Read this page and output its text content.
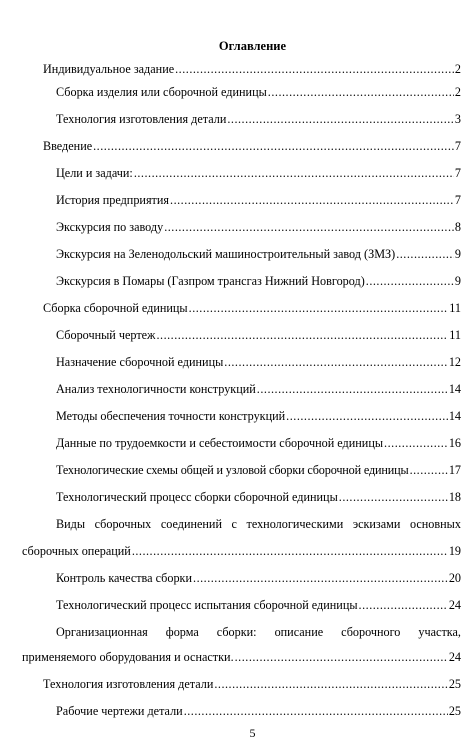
Оглавление
Индивидуальное задание .....	2
Сборка изделия или сборочной единицы .....	2
Технология изготовления детали .....	3
Введение .....	7
Цели и задачи: .....	7
История предприятия .....	7
Экскурсия по заводу .....	8
Экскурсия на Зеленодольский машиностроительный завод (ЗМЗ) .....	9
Экскурсия в Помары (Газпром трансгаз Нижний Новгород) .....	9
Сборка сборочной единицы .....	11
Сборочный чертеж .....	11
Назначение сборочной единицы .....	12
Анализ технологичности конструкций .....	14
Методы обеспечения точности конструкций .....	14
Данные по трудоемкости и себестоимости сборочной единицы .....	16
Технологические схемы общей и узловой сборки сборочной единицы .....	17
Технологический процесс сборки сборочной единицы .....	18
Виды сборочных соединений с технологическими эскизами основных
сборочных операций .....	19
Контроль качества сборки .....	20
Технологический процесс испытания сборочной единицы .....	24
Организационная форма сборки: описание сборочного участка,
применяемого оборудования и оснастки. .....	24
Технология изготовления детали .....	25
Рабочие чертежи детали .....	25
5
